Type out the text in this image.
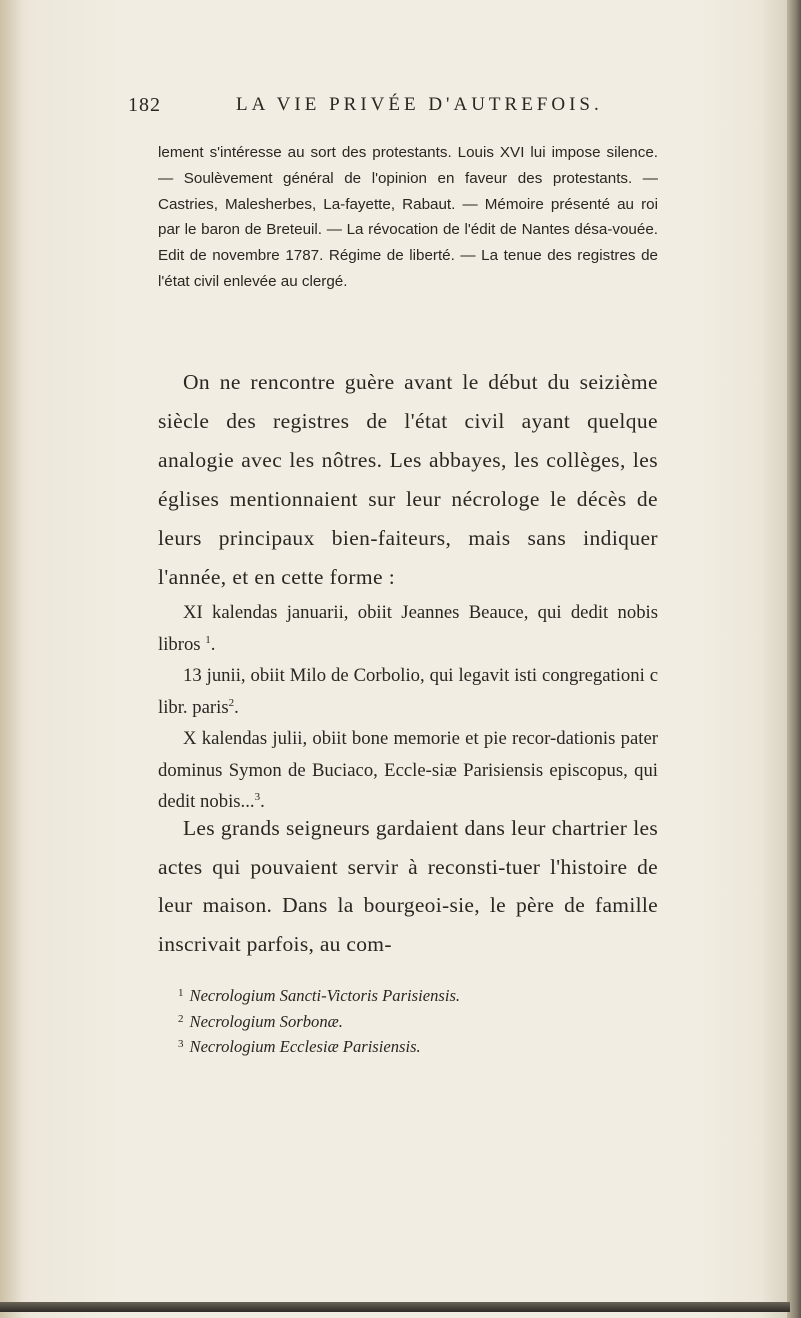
182	LA VIE PRIVÉE D'AUTREFOIS.
lement s'intéresse au sort des protestants. Louis XVI lui impose silence. — Soulèvement général de l'opinion en faveur des protestants. — Castries, Malesherbes, La-fayette, Rabaut. — Mémoire présenté au roi par le baron de Breteuil. — La révocation de l'édit de Nantes désa-vouée. Edit de novembre 1787. Régime de liberté. — La tenue des registres de l'état civil enlevée au clergé.
On ne rencontre guère avant le début du seizième siècle des registres de l'état civil ayant quelque analogie avec les nôtres. Les abbayes, les collèges, les églises mentionnaient sur leur nécrologe le décès de leurs principaux bien-faiteurs, mais sans indiquer l'année, et en cette forme :

XI kalendas januarii, obiit Jeannes Beauce, qui dedit nobis libros $^1$.

13 junii, obiit Milo de Corbolio, qui legavit isti congregationi c libr. paris$^2$.

X kalendas julii, obiit bone memorie et pie recor-dationis pater dominus Symon de Buciaco, Eccle-siæ Parisiensis episcopus, qui dedit nobis...$^3$.

Les grands seigneurs gardaient dans leur chartrier les actes qui pouvaient servir à reconsti-tuer l'histoire de leur maison. Dans la bourgeoi-sie, le père de famille inscrivait parfois, au com-
$^1$ Necrologium Sancti-Victoris Parisiensis.
$^2$ Necrologium Sorbonæ.
$^3$ Necrologium Ecclesiæ Parisiensis.
